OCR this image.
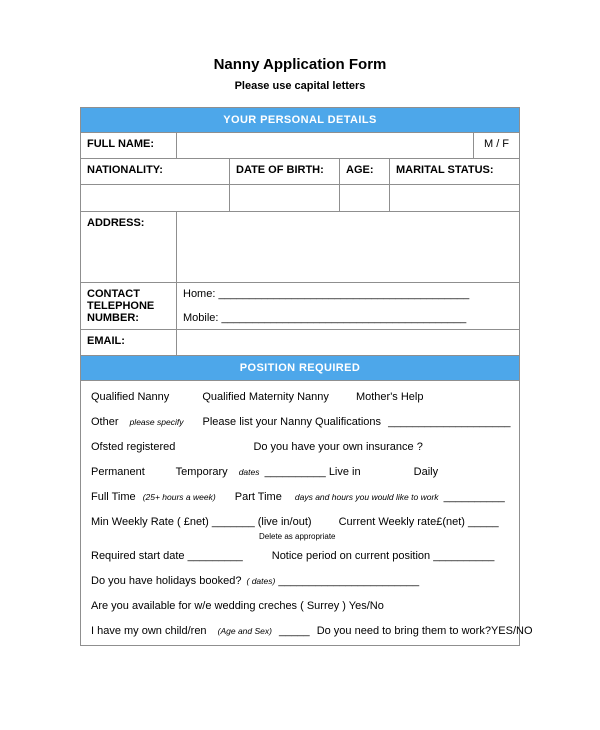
Nanny Application Form
Please use capital letters
YOUR PERSONAL DETAILS
FULL NAME:	M / F
NATIONALITY:	DATE OF BIRTH:	AGE:	MARITAL STATUS:
ADDRESS:
CONTACT TELEPHONE NUMBER:
Home: _________________________________________
Mobile: ________________________________________
EMAIL:
POSITION REQUIRED
Qualified Nanny	Qualified Maternity Nanny Mother's Help
Other please specify Please list your Nanny Qualifications ____________________
Ofsted registered	Do you have your own insurance ?
Permanent	Temporary dates __________ Live in	Daily
Full Time (25+ hours a week) Part Time days and hours you would like to work __________
Min Weekly Rate ( £net) _______ (live in/out) Current Weekly rate£(net) _____
Delete as appropriate
Required start date _________	Notice period on current position __________
Do you have holidays booked? ( dates) _______________________
Are you available for w/e wedding creches ( Surrey ) Yes/No
I have my own child/ren (Age and Sex) _____ Do you need to bring them to work?YES/NO
